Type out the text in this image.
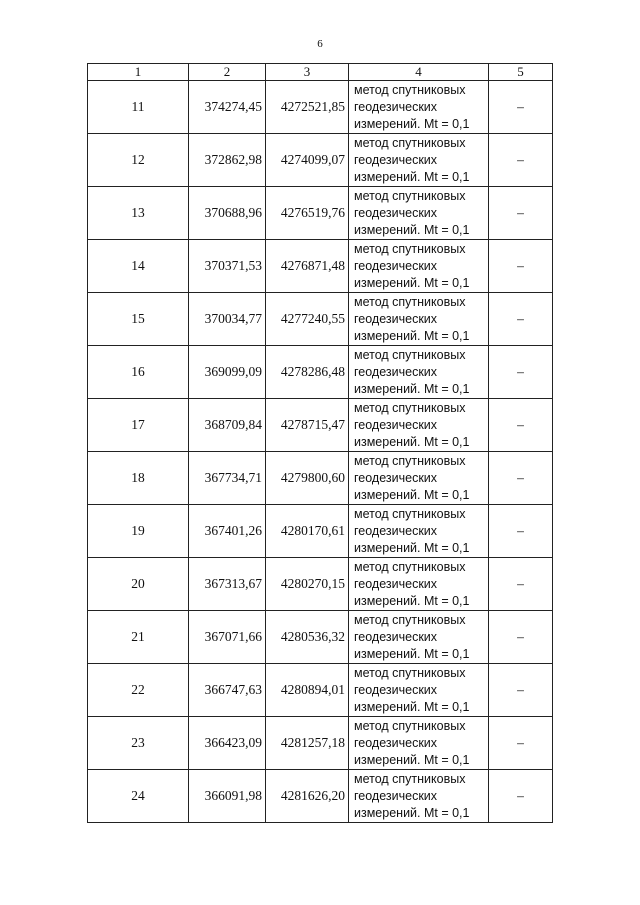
6
1	2	3	4	5
11	374274,45	4272521,85	метод спутниковых
геодезических
измерений. Mt = 0,1	–
12	372862,98	4274099,07	метод спутниковых
геодезических
измерений. Mt = 0,1	–
13	370688,96	4276519,76	метод спутниковых
геодезических
измерений. Mt = 0,1	–
14	370371,53	4276871,48	метод спутниковых
геодезических
измерений. Mt = 0,1	–
15	370034,77	4277240,55	метод спутниковых
геодезических
измерений. Mt = 0,1	–
16	369099,09	4278286,48	метод спутниковых
геодезических
измерений. Mt = 0,1	–
17	368709,84	4278715,47	метод спутниковых
геодезических
измерений. Mt = 0,1	–
18	367734,71	4279800,60	метод спутниковых
геодезических
измерений. Mt = 0,1	–
19	367401,26	4280170,61	метод спутниковых
геодезических
измерений. Mt = 0,1	–
20	367313,67	4280270,15	метод спутниковых
геодезических
измерений. Mt = 0,1	–
21	367071,66	4280536,32	метод спутниковых
геодезических
измерений. Mt = 0,1	–
22	366747,63	4280894,01	метод спутниковых
геодезических
измерений. Mt = 0,1	–
23	366423,09	4281257,18	метод спутниковых
геодезических
измерений. Mt = 0,1	–
24	366091,98	4281626,20	метод спутниковых
геодезических
измерений. Mt = 0,1	–
